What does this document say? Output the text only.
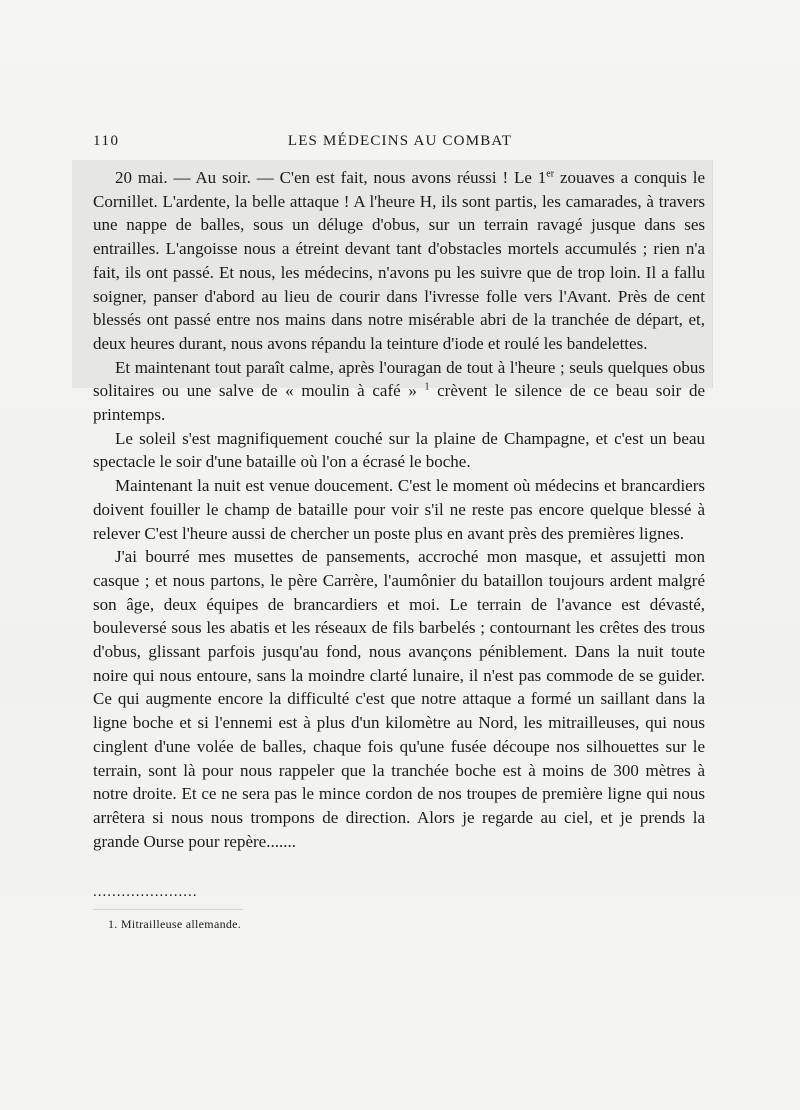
110	LES MÉDECINS AU COMBAT

20 mai. — Au soir. — C'en est fait, nous avons réussi ! Le 1er zouaves a conquis le Cornillet. L'ardente, la belle attaque ! A l'heure H, ils sont partis, les camarades, à travers une nappe de balles, sous un déluge d'obus, sur un terrain ravagé jusque dans ses entrailles. L'angoisse nous a étreint devant tant d'obstacles mortels accumulés ; rien n'a fait, ils ont passé. Et nous, les médecins, n'avons pu les suivre que de trop loin. Il a fallu soigner, panser d'abord au lieu de courir dans l'ivresse folle vers l'Avant. Près de cent blessés ont passé entre nos mains dans notre misérable abri de la tranchée de départ, et, deux heures durant, nous avons répandu la teinture d'iode et roulé les bandelettes.

Et maintenant tout paraît calme, après l'ouragan de tout à l'heure ; seuls quelques obus solitaires ou une salve de « moulin à café » $^1$ crèvent le silence de ce beau soir de printemps.

Le soleil s'est magnifiquement couché sur la plaine de Champagne, et c'est un beau spectacle le soir d'une bataille où l'on a écrasé le boche.

Maintenant la nuit est venue doucement. C'est le moment où médecins et brancardiers doivent fouiller le champ de bataille pour voir s'il ne reste pas encore quelque blessé à relever C'est l'heure aussi de chercher un poste plus en avant près des premières lignes.

J'ai bourré mes musettes de pansements, accroché mon masque, et assujetti mon casque ; et nous partons, le père Carrère, l'aumônier du bataillon toujours ardent malgré son âge, deux équipes de brancardiers et moi. Le terrain de l'avance est dévasté, bouleversé sous les abatis et les réseaux de fils barbelés ; contournant les crêtes des trous d'obus, glissant parfois jusqu'au fond, nous avançons péniblement. Dans la nuit toute noire qui nous entoure, sans la moindre clarté lunaire, il n'est pas commode de se guider. Ce qui augmente encore la difficulté c'est que notre attaque a formé un saillant dans la ligne boche et si l'ennemi est à plus d'un kilomètre au Nord, les mitrailleuses, qui nous cinglent d'une volée de balles, chaque fois qu'une fusée découpe nos silhouettes sur le terrain, sont là pour nous rappeler que la tranchée boche est à moins de 300 mètres à notre droite. Et ce ne sera pas le mince cordon de nos troupes de première ligne qui nous arrêtera si nous nous trompons de direction. Alors je regarde au ciel, et je prends la grande Ourse pour repère.......

......................
1. Mitrailleuse allemande.
